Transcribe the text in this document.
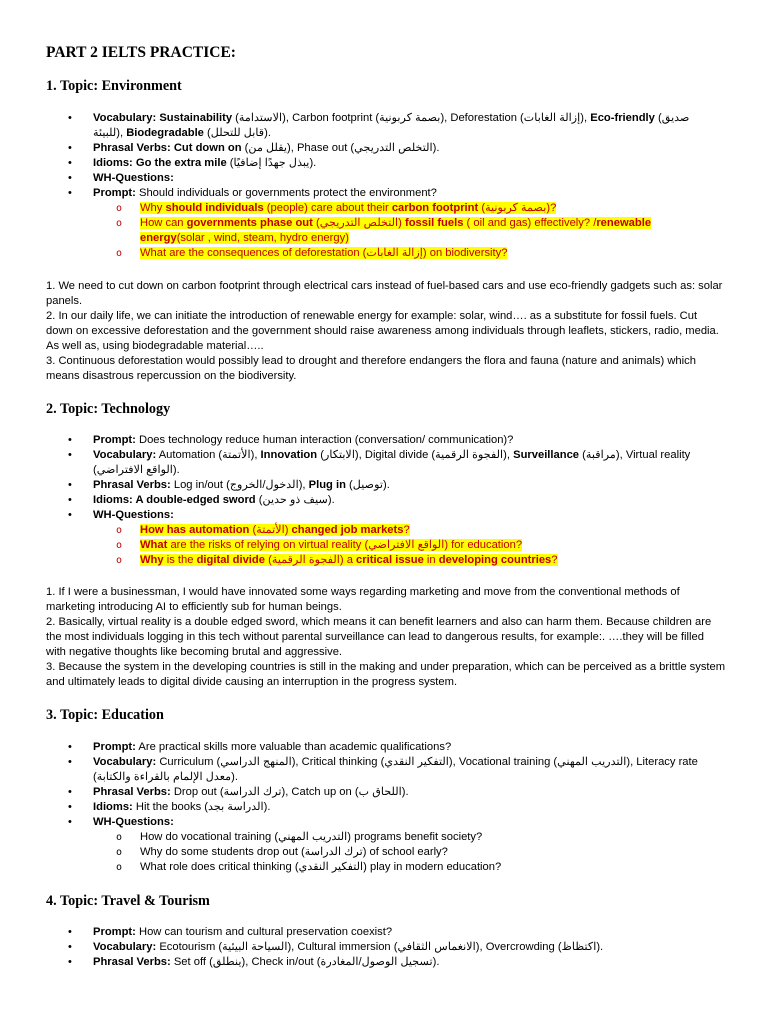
PART 2 IELTS PRACTICE:
1. Topic: Environment
• Vocabulary: Sustainability (الاستدامة), Carbon footprint (بصمة كربونية), Deforestation (إزالة الغابات), Eco-friendly (صديق للبيئة), Biodegradable (قابل للتحلل).
• Phrasal Verbs: Cut down on (يقلل من), Phase out (التخلص التدريجي).
• Idioms: Go the extra mile (يبذل جهدًا إضافيًا).
• WH-Questions:
• Prompt: Should individuals or governments protect the environment?
o Why should individuals (people) care about their carbon footprint (بصمة كربونية)?
o How can governments phase out (التخلص التدريجي) fossil fuels ( oil and gas) effectively? /renewable energy(solar , wind, steam, hydro energy)
o What are the consequences of deforestation (إزالة الغابات) on biodiversity?

1. We need to cut down on carbon footprint through electrical cars instead of fuel-based cars and use eco-friendly gadgets such as: solar panels.

2. In our daily life, we can initiate the introduction of renewable energy for example: solar, wind…. as a substitute for fossil fuels. Cut down on excessive deforestation and the government should raise awareness among individuals through leaflets, stickers, radio, media. As well as, using biodegradable material…..

3. Continuous deforestation would possibly lead to drought and therefore endangers the flora and fauna (nature and animals) which means disastrous repercussion on the biodiversity.

2. Topic: Technology
• Prompt: Does technology reduce human interaction (conversation/ communication)?
• Vocabulary: Automation (الأتمتة), Innovation (الابتكار), Digital divide (الفجوة الرقمية), Surveillance (مراقبة), Virtual reality (الواقع الافتراضي).
• Phrasal Verbs: Log in/out (الدخول/الخروج), Plug in (توصيل).
• Idioms: A double-edged sword (سيف ذو حدين).
• WH-Questions:
o How has automation (الأتمتة) changed job markets?
o What are the risks of relying on virtual reality (الواقع الافتراضي) for education?
o Why is the digital divide (الفجوة الرقمية) a critical issue in developing countries?

1. If I were a businessman, I would have innovated some ways regarding marketing and move from the conventional methods of marketing introducing AI to efficiently sub for human beings.

2. Basically, virtual reality is a double edged sword, which means it can benefit learners and also can harm them. Because children are the most individuals logging in this tech without parental surveillance can lead to dangerous results, for example:. ….they will be filled with negative thoughts like becoming brutal and aggressive.

3. Because the system in the developing countries is still in the making and under preparation, which can be perceived as a brittle system and ultimately leads to digital divide causing an interruption in the progress system.

3. Topic: Education
• Prompt: Are practical skills more valuable than academic qualifications?
• Vocabulary: Curriculum (المنهج الدراسي), Critical thinking (التفكير النقدي), Vocational training (التدريب المهني), Literacy rate (معدل الإلمام بالقراءة والكتابة).
• Phrasal Verbs: Drop out (ترك الدراسة), Catch up on (اللحاق ب).
• Idioms: Hit the books (الدراسة بجد).
• WH-Questions:
o How do vocational training (التدريب المهني) programs benefit society?
o Why do some students drop out (ترك الدراسة) of school early?
o What role does critical thinking (التفكير النقدي) play in modern education?
4. Topic: Travel & Tourism
• Prompt: How can tourism and cultural preservation coexist?
• Vocabulary: Ecotourism (السياحة البيئية), Cultural immersion (الانغماس الثقافي), Overcrowding (اكتظاظ).
• Phrasal Verbs: Set off (ينطلق), Check in/out (تسجيل الوصول/المغادرة).
